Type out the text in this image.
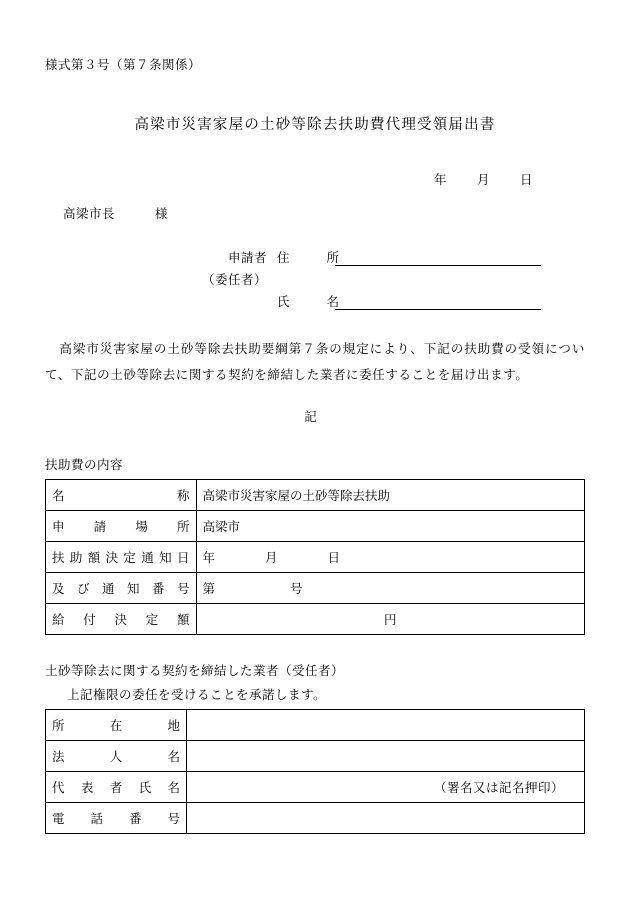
様式第３号（第７条関係）
高梁市災害家屋の土砂等除去扶助費代理受領届出書
年 月 日
高梁市長	様
申請者 住　　所
（委任者）
氏　　名
高梁市災害家屋の土砂等除去扶助要綱第７条の規定により、下記の扶助費の受領について、下記の土砂等除去に関する契約を締結した業者に委任することを届け出ます。
記
扶助費の内容
名　　　　　称	高梁市災害家屋の土砂等除去扶助

申　請　場　所	高梁市

扶助額決定通知日	年　　　　月　　　　日

及　び　通　知　番　号	第　　　　　　号

給　付　決　定　額	円
土砂等除去に関する契約を締結した業者（受任者）
上記権限の委任を受けることを承諾します。
所　　在　　地	

法　　人　　名	

代　表　者　氏　名	（署名又は記名押印）

電　話　番　号	
